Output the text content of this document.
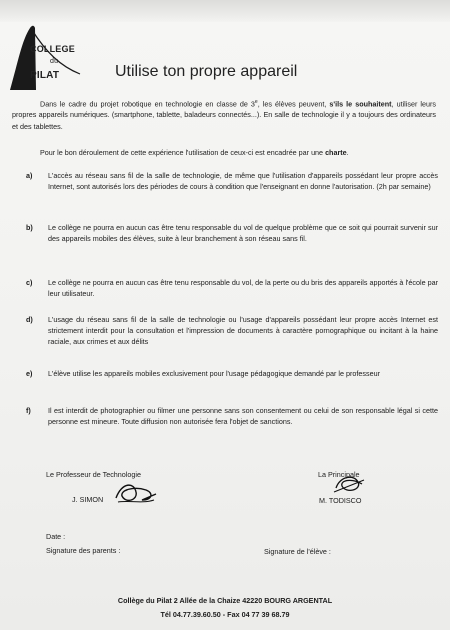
COLLEGE
du
PILAT	Utilise ton propre appareil
Dans le cadre du projet robotique en technologie en classe de 3e, les élèves peuvent, s'ils le souhaitent, utiliser leurs propres appareils numériques. (smartphone, tablette, baladeurs connectés...). En salle de technologie il y a toujours des ordinateurs et des tablettes.
Pour le bon déroulement de cette expérience l'utilisation de ceux-ci est encadrée par une charte.
a) L'accès au réseau sans fil de la salle de technologie, de même que l'utilisation d'appareils possédant leur propre accès Internet, sont autorisés lors des périodes de cours à condition que l'enseignant en donne l'autorisation. (2h par semaine)
b) Le collège ne pourra en aucun cas être tenu responsable du vol de quelque problème que ce soit qui pourrait survenir sur des appareils mobiles des élèves, suite à leur branchement à son réseau sans fil.
c) Le collège ne pourra en aucun cas être tenu responsable du vol, de la perte ou du bris des appareils apportés à l'école par leur utilisateur.
d) L'usage du réseau sans fil de la salle de technologie ou l'usage d'appareils possédant leur propre accès Internet est strictement interdit pour la consultation et l'impression de documents à caractère pornographique ou incitant à la haine raciale, aux crimes et aux délits
e) L'élève utilise les appareils mobiles exclusivement pour l'usage pédagogique demandé par le professeur
f) Il est interdit de photographier ou filmer une personne sans son consentement ou celui de son responsable légal si cette personne est mineure. Toute diffusion non autorisée fera l'objet de sanctions.
Le Professeur de Technologie
J. SIMON
La Principale
M. TODISCO
Date :
Signature des parents :	Signature de l'élève :
Collège du Pilat 2 Allée de la Chaize 42220 BOURG ARGENTAL
Tél 04.77.39.60.50 - Fax 04 77 39 68.79
